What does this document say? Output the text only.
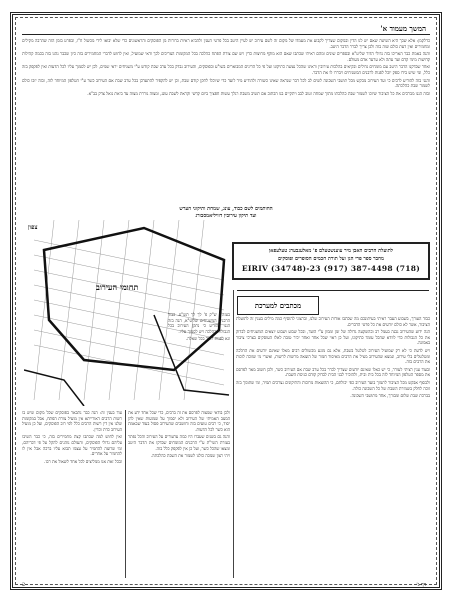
המשך מעמוד א'

כדלקמן: אלא שכך היא השיטה שאם יש לנו הדין ובמקום שצריך לקבוע את מעמדו של מקום זה לשם עירוב יש לעיין היטב בכל פרטי הענין ולהביא ראיות ברורות מן הפוסקים והראשונים כדי שלא יבואו לידי מכשול ח"ו, ובפרט בזמן הזה שהרבה מקילים ומחמירים ואין דעת כולם שוה בזה ולכן צריך לברר הדבר היטב.

והנה באמת כבר האריכו בזה גדולי הדור שליט"א ובספרים שונים ומהם ראיתי שכתבו שאם הוא מוקף מחיצות כדין ויש שם צורת הפתח כהלכה בכל המקומות הצריכים לכך ודאי שמועיל, ואין לחוש לדברי המחמירים בזה כיון שכבר נהגו בזה בכמה קהילות קדושות מימי קדם ועד עתה ולא ערער אדם מעולם.

ואחר שבדקנו הדבר היטב עם מומחים גדולים ובקיאים בהלכות עירובין וראינו שהכל נעשה כתיקונו ועל פי כל הדינים המבוארים בשו"ע ובפוסקים, והעירוב נבדק בכל ערב שבת קודש ע"י משגיחים יראי שמים, לכן יש לסמוך עליו לכל הדעות ואין לפקפק בזה כלל, ומי שיש בידו ספק יוכל לפנות לרבנים המשגיחים ויבררו לו את הדבר.

והנני בזה להודיע לרבים כי ועד העירוב מבקש מכל תושבי השכונה לשים לב לכל דבר שנראה שאינו כשורה ולהודיע מיד לועד כדי שיוכלו לתקן קודם שבת, וכן יש להקפיד להתעדכן בכל ערב שבת אם העירוב כשר ע"י הטלפון המיוחד לזה, ובזה יזכו כולם לשמור שבת כהלכתה.

ובזה הננו מברכים את כל הציבור שיזכו לשמור שבת כהלכתו מתוך שמחה וטוב לבב ויתקיים בנו הכתוב אם תשיב משבת רגלך עשות חפציך ביום קדשי וקראת לשבת עונג, ומצוה גוררת מצוה עד ביאת גואל צדק בב"א.

החותמים לשם כבוד, עונג, שמחת ותיקוני הערש
ועד תיקון עירובין דוויליאמסבורג
תחומי העירוב
צפון
לתועלת הרבים האבן מיר עוענשטעלם פ' מאלענבערג טעלעפאן
מחבר ספר פרי הגן ועל תורת חכמים הסופרים ופוסקים
(718) 387-4498 (917) 23-EIRIV (34748)

בעזה"י ש"ק פ' לך לך תש"ע. כבוד הרבנים המשגיחים שליט"א, הנה בזה הננו להודיע כי נתקן העירוב בכל הגבולות כהלכה ויש לסמוך עליו.

ונא לפנות לועד בכל שאלה.

מכתבים למערכת

כבוד העורך, בשבוע העבר ראיתי בעיתונכם מה שכתבו אודות העירוב שלנו, וברצוני להוסיף כמה מילים בענין זה לתועלת הציבור, אשר לא כולם יודעים את כל פרטי הדברים.

הנה ידוע שהעירוב נבנה בעמל רב ובהשקעה גדולה של זמן וממון ע"י הועד, ובכל שבוע ושבוע יוצאים המשגיחים לבדוק את כל הגבולות כדי לוודא שהכל עומד כתיקונו, ועל כן ראוי שכל אחד ואחד יכיר טובה לאלו העוסקים בצרכי ציבור באמונה.

ויש לדעת כי לא רק שמועיל העירוב לטלטל בשבת, אלא גם מונע מכשולים רבים מאלו שאינם יודעים את ההלכה ומטלטלים בלי עירוב, ונמצא שהעירוב מציל את הרבים מאיסור חמור של הוצאה מרשות לרשות, ואשרי מי שזוכה לזכות את הרבים בזה.

ובעוד ענין רציתי לעורר, כי יש כאלו שאינם יודעים שצריך לברר בכל ערב שבת אם העירוב כשר, ולכן חשוב מאד לפרסם את מספר הטלפון המיוחד לזה בכל בית ובית, ולהזכיר לבני הבית לבדוק קודם כניסת השבת.

ולבסוף אבקש מכל הציבור לתמוך בועד העירוב כפי יכולתם, כי ההוצאות מרובות והתיקונים נצרכים תמיד, ומי שתומך בזה זוכה לחלק בשמירת השבת של כל השכונה כולה.

בברכת שבת שלום ומבורך, אחד מתושבי השכונה.

עוד בענין זה: הנה כבר נתבאר בפוסקים שכל מקום שיש בו רשות הרבים דאורייתא אין מועיל צורת הפתח, אבל במקומות שלנו אין דין רשות הרבים כלל לפי רוב הפוסקים, ועל כן מועיל העירוב כדת וכדין.

ואין לחוש למה שכתבו קצת מחמירים בזה, כי כבר השיבו עליהם גדולי הפוסקים, והעולם נוהגים להקל על פי דבריהם, ומי שרוצה להחמיר על עצמו תבוא עליו ברכה אבל אין לו להחמיר על אחרים.

ובכל זאת אנו ממליצים לכל אחד לשאול את רבו.

ולכן בודאי שמצוה לפרסם את זה ברבים, כדי שכל אחד ידע את המצב האמיתי של העירוב ולא יסמוך על שמועות שאין להן יסוד, כי רבים טועים בזה וחושבים שהעירוב פסול בעוד שבאמת הוא כשר לכל הדעות.

והנה גם בשנים שעברו היו כמה ערעורים על העירוב והכל נפתר בעזרת השי"ת ע"י הרבנים המומחים שבדקו את הדבר היטב ומצאו שהכל כשר, ועל כן אין לפקפק כלל בזה.

ויהי רצון שנזכה כולנו לשמור את השבת כהלכתה.

2	דף ג'
